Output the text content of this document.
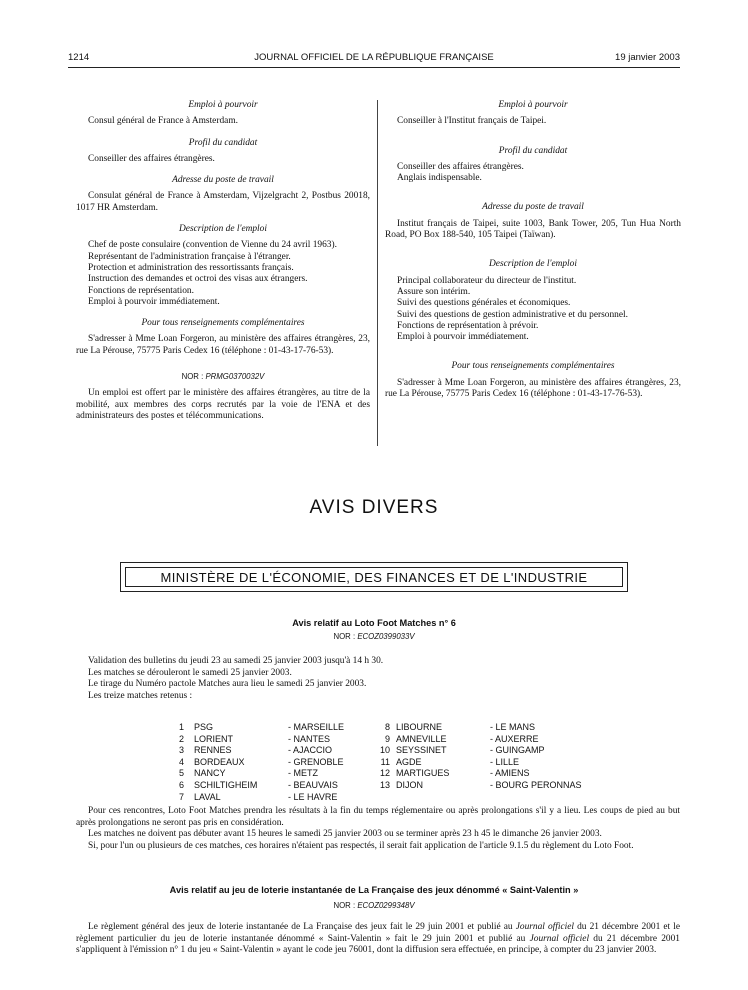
1214	JOURNAL OFFICIEL DE LA RÉPUBLIQUE FRANÇAISE	19 janvier 2003
Emploi à pourvoir

Consul général de France à Amsterdam.

Profil du candidat

Conseiller des affaires étrangères.

Adresse du poste de travail

Consulat général de France à Amsterdam, Vijzelgracht 2, Postbus 20018, 1017 HR Amsterdam.

Description de l'emploi

Chef de poste consulaire (convention de Vienne du 24 avril 1963).

Représentant de l'administration française à l'étranger.

Protection et administration des ressortissants français.

Instruction des demandes et octroi des visas aux étrangers.

Fonctions de représentation.

Emploi à pourvoir immédiatement.

Pour tous renseignements complémentaires

S'adresser à Mme Loan Forgeron, au ministère des affaires étrangères, 23, rue La Pérouse, 75775 Paris Cedex 16 (téléphone : 01-43-17-76-53).

NOR : PRMG0370032V

Un emploi est offert par le ministère des affaires étrangères, au titre de la mobilité, aux membres des corps recrutés par la voie de l'ENA et des administrateurs des postes et télécommunications.

Emploi à pourvoir

Conseiller à l'Institut français de Taipei.

Profil du candidat

Conseiller des affaires étrangères.

Anglais indispensable.

Adresse du poste de travail

Institut français de Taipei, suite 1003, Bank Tower, 205, Tun Hua North Road, PO Box 188-540, 105 Taipei (Taïwan).

Description de l'emploi

Principal collaborateur du directeur de l'institut.

Assure son intérim.

Suivi des questions générales et économiques.

Suivi des questions de gestion administrative et du personnel.

Fonctions de représentation à prévoir.

Emploi à pourvoir immédiatement.

Pour tous renseignements complémentaires

S'adresser à Mme Loan Forgeron, au ministère des affaires étrangères, 23, rue La Pérouse, 75775 Paris Cedex 16 (téléphone : 01-43-17-76-53).

AVIS DIVERS
MINISTÈRE DE L'ÉCONOMIE, DES FINANCES ET DE L'INDUSTRIE
Avis relatif au Loto Foot Matches n° 6
NOR : ECOZ0399033V

Validation des bulletins du jeudi 23 au samedi 25 janvier 2003 jusqu'à 14 h 30.

Les matches se dérouleront le samedi 25 janvier 2003.

Le tirage du Numéro pactole Matches aura lieu le samedi 25 janvier 2003.

Les treize matches retenus :

1
2
3
4
5
6
7
PSG
LORIENT
RENNES
BORDEAUX
NANCY
SCHILTIGHEIM
LAVAL
- MARSEILLE
- NANTES
- AJACCIO
- GRENOBLE
- METZ
- BEAUVAIS
- LE HAVRE
8
9
10
11
12
13
LIBOURNE
AMNEVILLE
SEYSSINET
AGDE
MARTIGUES
DIJON
- LE MANS
- AUXERRE
- GUINGAMP
- LILLE
- AMIENS
- BOURG PERONNAS

Pour ces rencontres, Loto Foot Matches prendra les résultats à la fin du temps réglementaire ou après prolongations s'il y a lieu. Les coups de pied au but après prolongations ne seront pas pris en considération.

Les matches ne doivent pas débuter avant 15 heures le samedi 25 janvier 2003 ou se terminer après 23 h 45 le dimanche 26 janvier 2003.

Si, pour l'un ou plusieurs de ces matches, ces horaires n'étaient pas respectés, il serait fait application de l'article 9.1.5 du règlement du Loto Foot.

Avis relatif au jeu de loterie instantanée de La Française des jeux dénommé « Saint-Valentin »
NOR : ECOZ0299348V

Le règlement général des jeux de loterie instantanée de La Française des jeux fait le 29 juin 2001 et publié au Journal officiel du 21 décembre 2001 et le règlement particulier du jeu de loterie instantanée dénommé « Saint-Valentin » fait le 29 juin 2001 et publié au Journal officiel du 21 décembre 2001 s'appliquent à l'émission n° 1 du jeu « Saint-Valentin » ayant le code jeu 76001, dont la diffusion sera effectuée, en principe, à compter du 23 janvier 2003.
